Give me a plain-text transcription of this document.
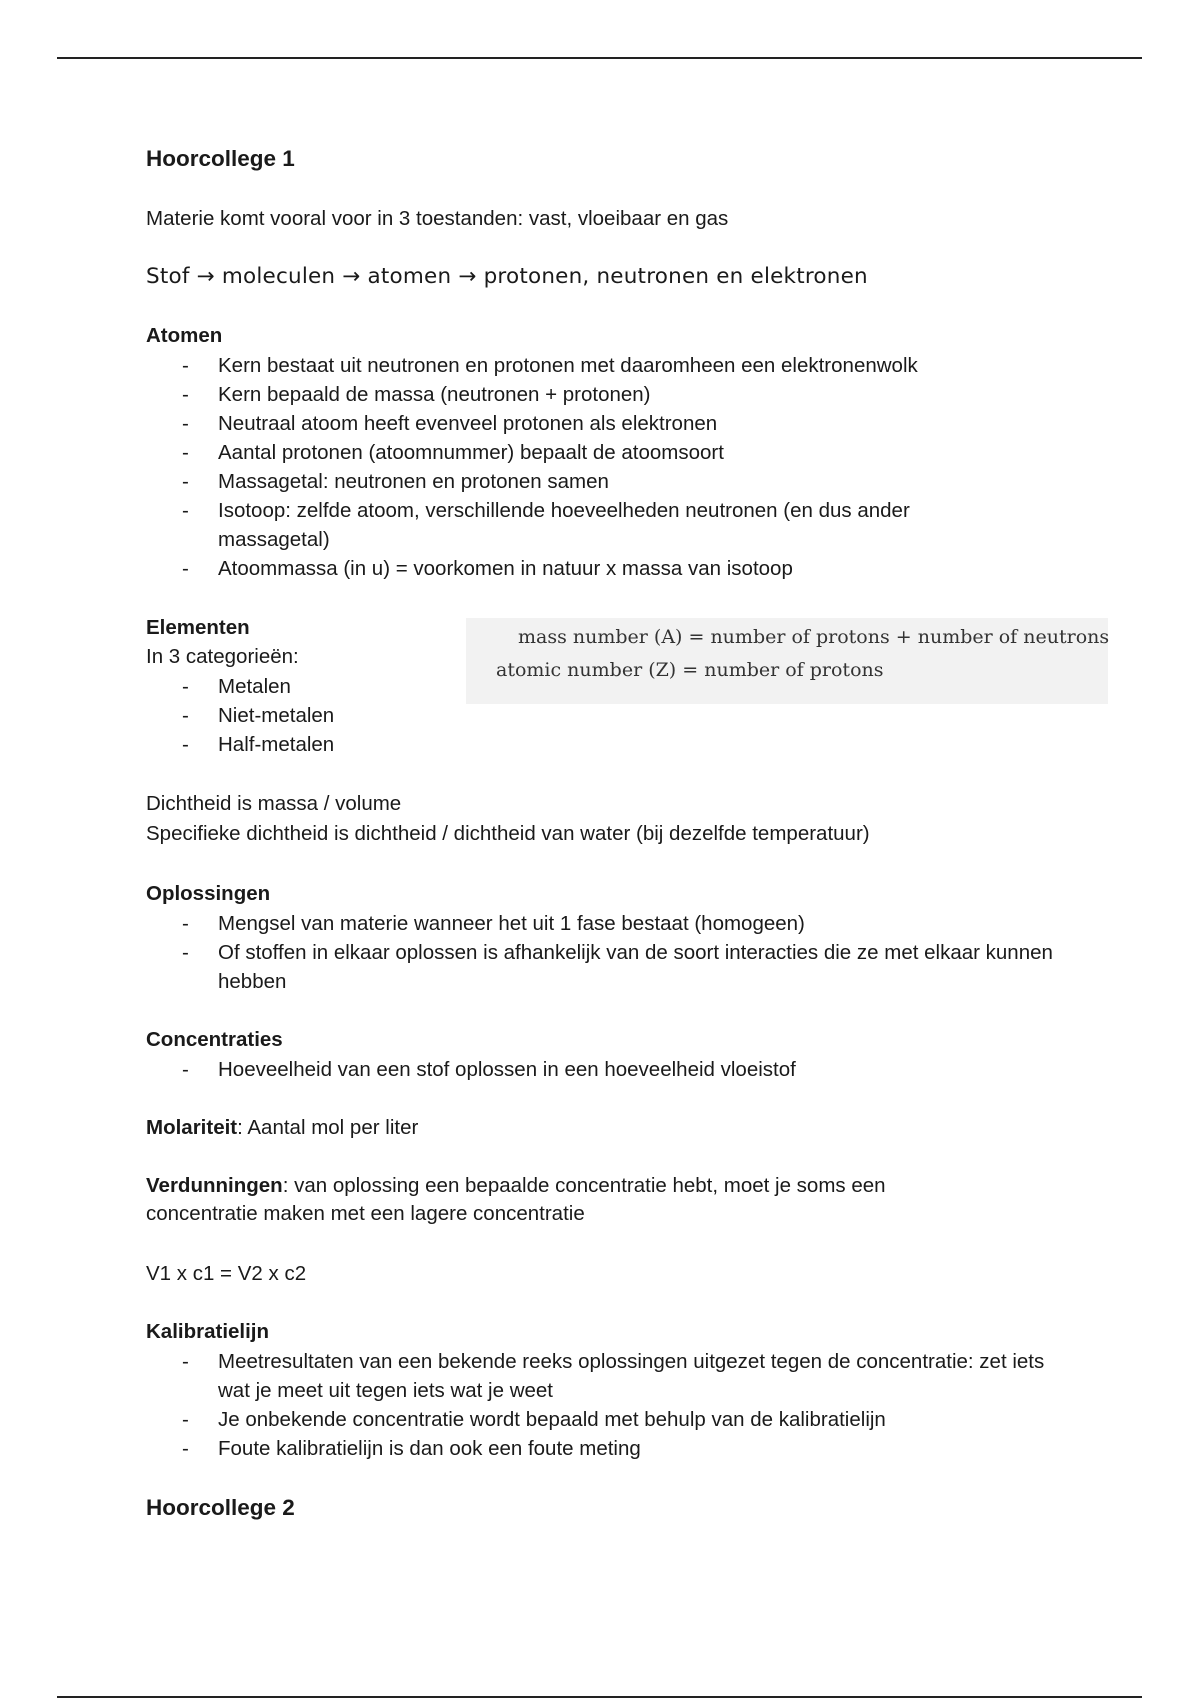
Hoorcollege 1
Materie komt vooral voor in 3 toestanden: vast, vloeibaar en gas
Stof → moleculen → atomen → protonen, neutronen en elektronen
Atomen
- Kern bestaat uit neutronen en protonen met daaromheen een elektronenwolk
- Kern bepaald de massa (neutronen + protonen)
- Neutraal atoom heeft evenveel protonen als elektronen
- Aantal protonen (atoomnummer) bepaalt de atoomsoort
- Massagetal: neutronen en protonen samen
- Isotoop: zelfde atoom, verschillende hoeveelheden neutronen (en dus ander massagetal)
- Atoommassa (in u) = voorkomen in natuur x massa van isotoop
Elementen
In 3 categorieën:
- Metalen
- Niet-metalen
- Half-metalen
Dichtheid is massa / volume
Specifieke dichtheid is dichtheid / dichtheid van water (bij dezelfde temperatuur)
Oplossingen
- Mengsel van materie wanneer het uit 1 fase bestaat (homogeen)
- Of stoffen in elkaar oplossen is afhankelijk van de soort interacties die ze met elkaar kunnen hebben
Concentraties
- Hoeveelheid van een stof oplossen in een hoeveelheid vloeistof
Molariteit: Aantal mol per liter
Verdunningen: van oplossing een bepaalde concentratie hebt, moet je soms een concentratie maken met een lagere concentratie
V1 x c1 = V2 x c2
Kalibratielijn
- Meetresultaten van een bekende reeks oplossingen uitgezet tegen de concentratie: zet iets wat je meet uit tegen iets wat je weet
- Je onbekende concentratie wordt bepaald met behulp van de kalibratielijn
- Foute kalibratielijn is dan ook een foute meting
Hoorcollege 2
mass number (A) = number of protons + number of neutrons
atomic number (Z) = number of protons
